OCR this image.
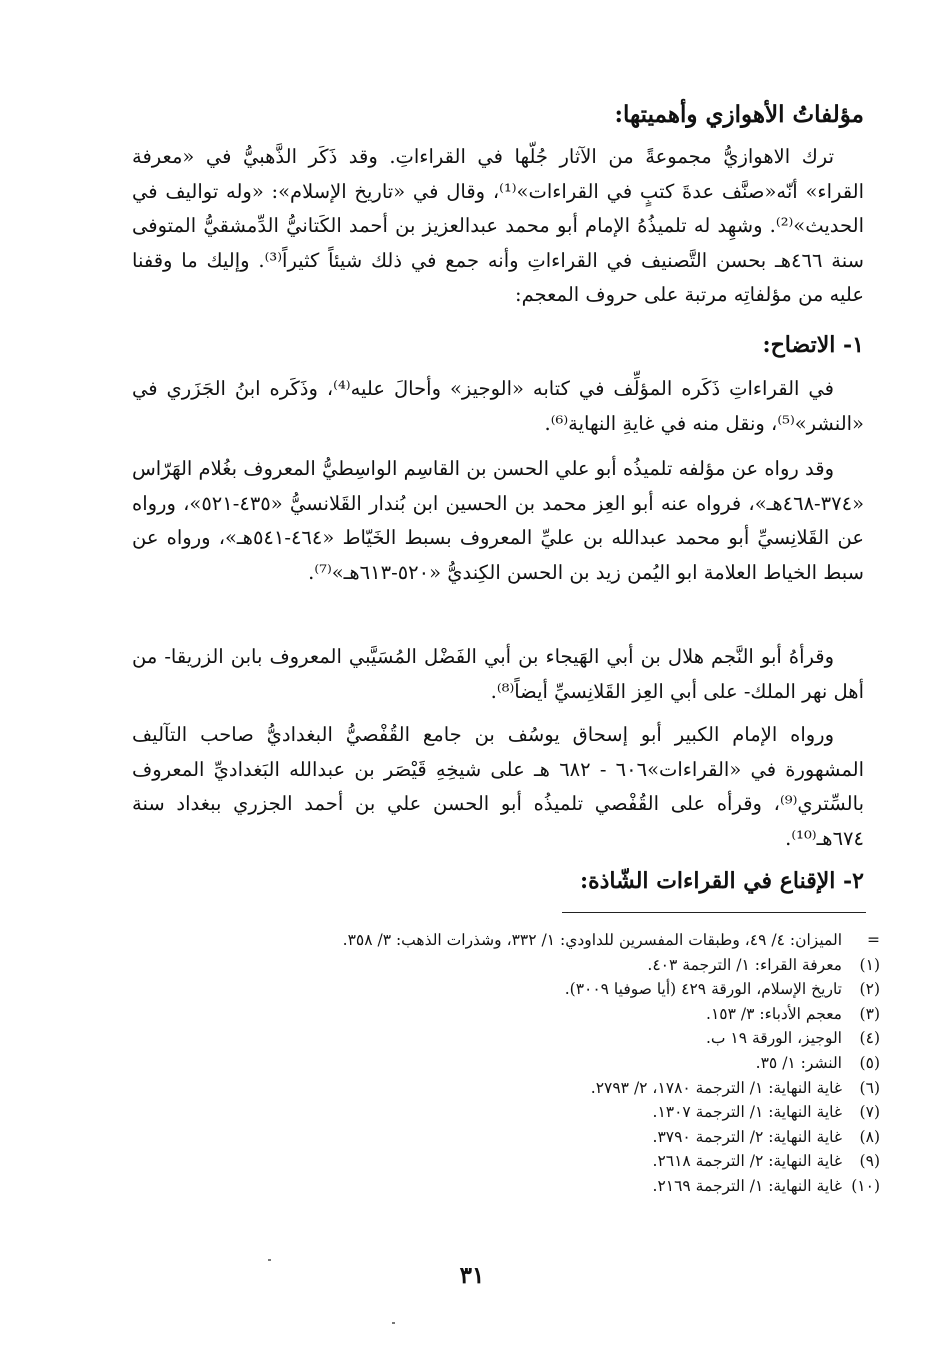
مؤلفاتُ الأهوازي وأهميتها:

ترك الاهوازيُّ مجموعةً من الآثار جُلّها في القراءاتِ. وقد ذَكَر الذَّهبيُّ في «معرفة القراء» أنّه«صنَّف عدةَ كتبٍ في القراءات»⁽¹⁾، وقال في «تاريخ الإسلام»: «وله تواليف في الحديث»⁽²⁾. وشهِد له تلميذُهُ الإمام أبو محمد عبدالعزيز بن أحمد الكَتانيُّ الدِّمشقيُّ المتوفى سنة ٤٦٦هـ بحسن التَّصنيف في القراءاتِ وأنه جمع في ذلك شيئاً كثيراً⁽³⁾. وإليك ما وقفنا عليه من مؤلفاتِه مرتبة على حروف المعجم:

١- الاتضاح:

في القراءاتِ ذَكَره المؤلِّف في كتابه «الوجيز» وأحالَ عليه⁽⁴⁾، وذَكَره ابنُ الجَزَري في «النشر»⁽⁵⁾، ونقل منه في غايةِ النهاية⁽⁶⁾.

وقد رواه عن مؤلفه تلميذُه أبو علي الحسن بن القاسِم الواسِطيُّ المعروف بغُلام الهَرّاس «٣٧٤-٤٦٨هـ»، فرواه عنه أبو العِز محمد بن الحسين ابن بُندار القَلانسيُّ «٤٣٥-٥٢١»، ورواه عن القَلانِسيِّ أبو محمد عبدالله بن عليِّ المعروف بسبط الخَيّاط «٤٦٤-٥٤١هـ»، ورواه عن سبط الخياط العلامة ابو اليُمن زيد بن الحسن الكِنديُّ «٥٢٠-٦١٣هـ»⁽⁷⁾.

وقرأهُ أبو النَّجم هلال بن أبي الهَيجاء بن أبي الفَضْل المُسَيَّبي المعروف بابن الزريقا- من أهل نهر الملك- على أبي العِز القَلانِسيِّ أيضاً⁽⁸⁾.

ورواه الإمام الكبير أبو إسحاق يوسُف بن جامع القُفْصيُّ البغداديُّ صاحب التآليف المشهورة في «القراءات»٦٠٦ - ٦٨٢ هـ على شيخِهِ قَيْصَر بن عبدالله البَغداديِّ المعروف بالسِّتري⁽⁹⁾، وقرأه على القُفْصي تلميذُه أبو الحسن علي بن أحمد الجزري ببغداد سنة ٦٧٤هـ⁽¹⁰⁾.

٢- الإقناع في القراءات الشّاذة:
=
الميزان: ٤/ ٤٩، وطبقات المفسرين للداودي: ١/ ٣٣٢، وشذرات الذهب: ٣/ ٣٥٨.
(١)
معرفة القراء: ١/ الترجمة ٤٠٣.
(٢)
تاريخ الإسلام، الورقة ٤٢٩ (أيا صوفيا ٣٠٠٩).
(٣)
معجم الأدباء: ٣/ ١٥٣.
(٤)
الوجيز، الورقة ١٩ ب.
(٥)
النشر: ١/ ٣٥.
(٦)
غاية النهاية: ١/ الترجمة ١٧٨٠، ٢/ ٢٧٩٣.
(٧)
غاية النهاية: ١/ الترجمة ١٣٠٧.
(٨)
غاية النهاية: ٢/ الترجمة ٣٧٩٠.
(٩)
غاية النهاية: ٢/ الترجمة ٢٦١٨.
(١٠)
غاية النهاية: ١/ الترجمة ٢١٦٩.
٣١
